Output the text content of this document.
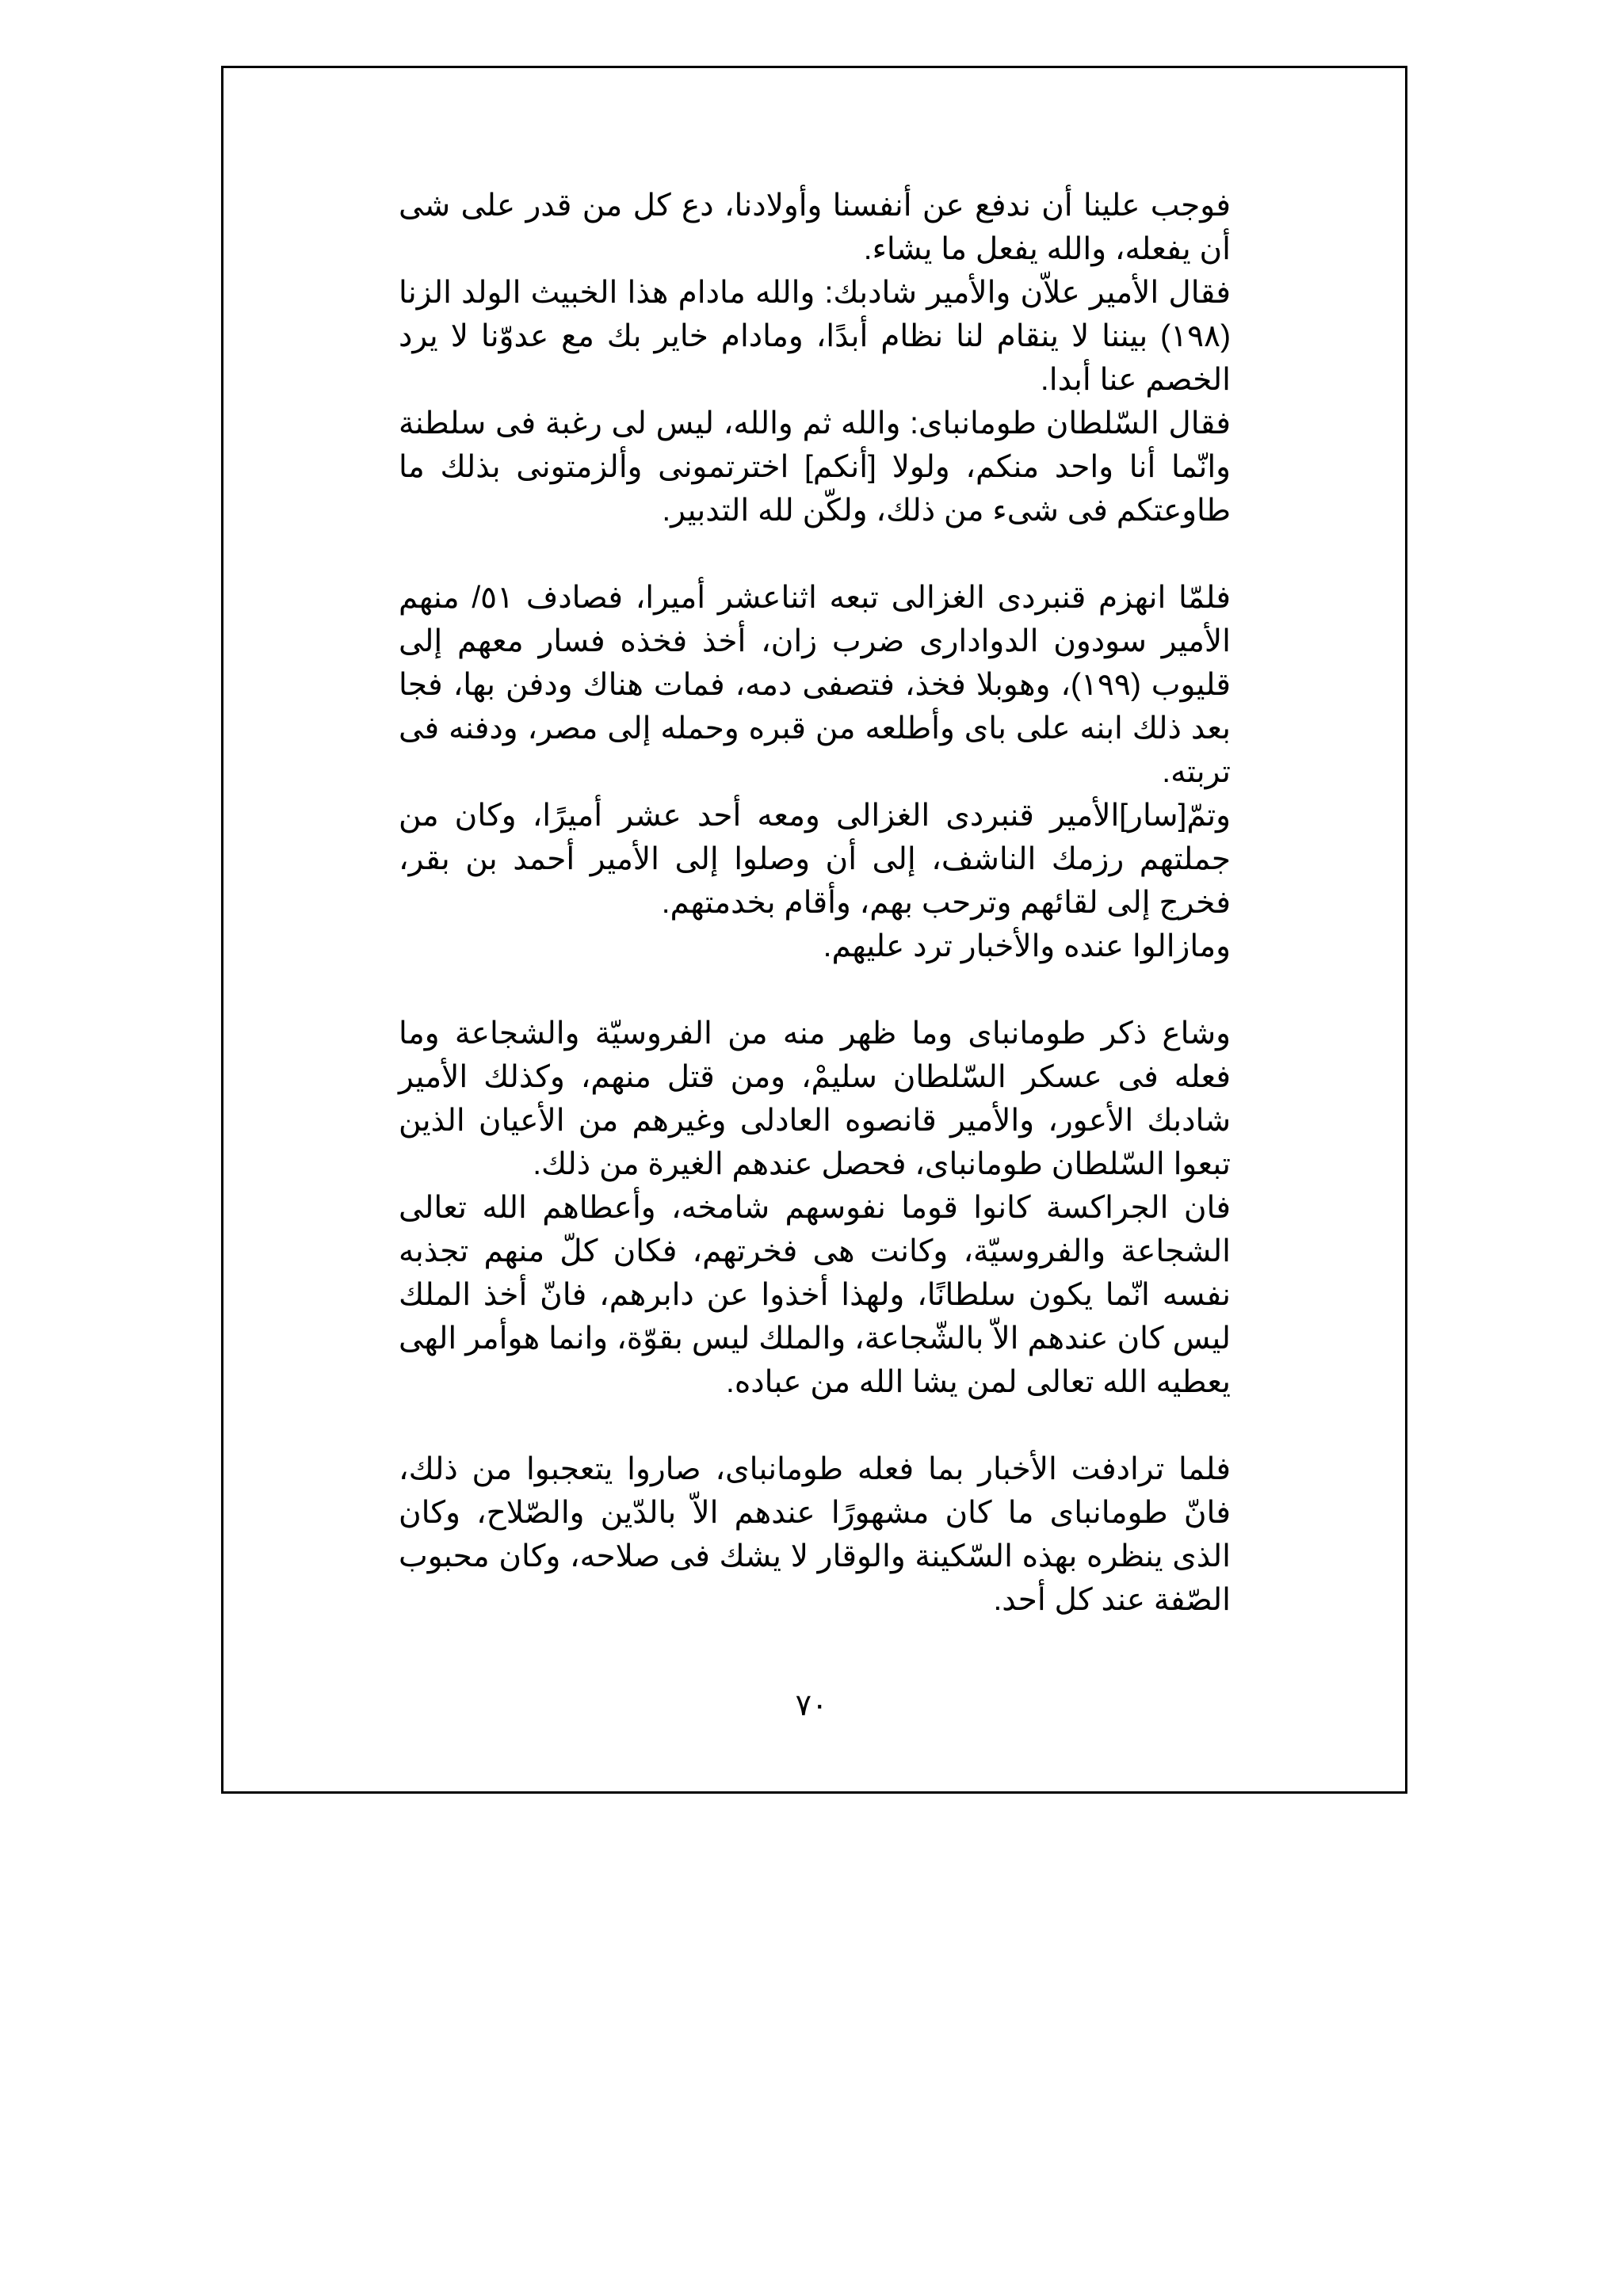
فوجب علينا أن ندفع عن أنفسنا وأولادنا، دع كل من قدر على شى أن يفعله، والله يفعل ما يشاء.

فقال الأمير علاّن والأمير شادبك: والله مادام هذا الخبيث الولد الزنا (١٩٨) بيننا لا ينقام لنا نظام أبدًا، ومادام خاير بك مع عدوّنا لا يرد الخصم عنا أبدا.

فقال السّلطان طومانباى: والله ثم والله، ليس لى رغبة فى سلطنة وانّما أنا واحد منكم، ولولا [أنكم] اخترتمونى وألزمتونى بذلك ما طاوعتكم فى شىء من ذلك، ولكّن لله التدبير.

فلمّا انهزم قنبردى الغزالى تبعه اثناعشر أميرا، فصادف ٥١/ منهم الأمير سودون الدوادارى ضرب زان، أخذ فخذه فسار معهم إلى قليوب (١٩٩)، وهوبلا فخذ، فتصفى دمه، فمات هناك ودفن بها، فجا بعد ذلك ابنه على باى وأطلعه من قبره وحمله إلى مصر، ودفنه فى تربته.

وتمّ[سار]الأمير قنبردى الغزالى ومعه أحد عشر أميرًا، وكان من جملتهم رزمك الناشف، إلى أن وصلوا إلى الأمير أحمد بن بقر، فخرج إلى لقائهم وترحب بهم، وأقام بخدمتهم.

ومازالوا عنده والأخبار ترد عليهم.

وشاع ذكر طومانباى وما ظهر منه من الفروسيّة والشجاعة وما فعله فى عسكر السّلطان سليمْ، ومن قتل منهم، وكذلك الأمير شادبك الأعور، والأمير قانصوه العادلى وغيرهم من الأعيان الذين تبعوا السّلطان طومانباى، فحصل عندهم الغيرة من ذلك.

فان الجراكسة كانوا قوما نفوسهم شامخه، وأعطاهم الله تعالى الشجاعة والفروسيّة، وكانت هى فخرتهم، فكان كلّ منهم تجذبه نفسه انّما يكون سلطانًا، ولهذا أخذوا عن دابرهم، فانّ أخذ الملك ليس كان عندهم الاّ بالشّجاعة، والملك ليس بقوّة، وانما هوأمر الهى يعطيه الله تعالى لمن يشا الله من عباده.

فلما ترادفت الأخبار بما فعله طومانباى، صاروا يتعجبوا من ذلك، فانّ طومانباى ما كان مشهورًا عندهم الاّ بالدّين والصّلاح، وكان الذى ينظره بهذه السّكينة والوقار لا يشك فى صلاحه، وكان محبوب الصّفة عند كل أحد.

٧٠
